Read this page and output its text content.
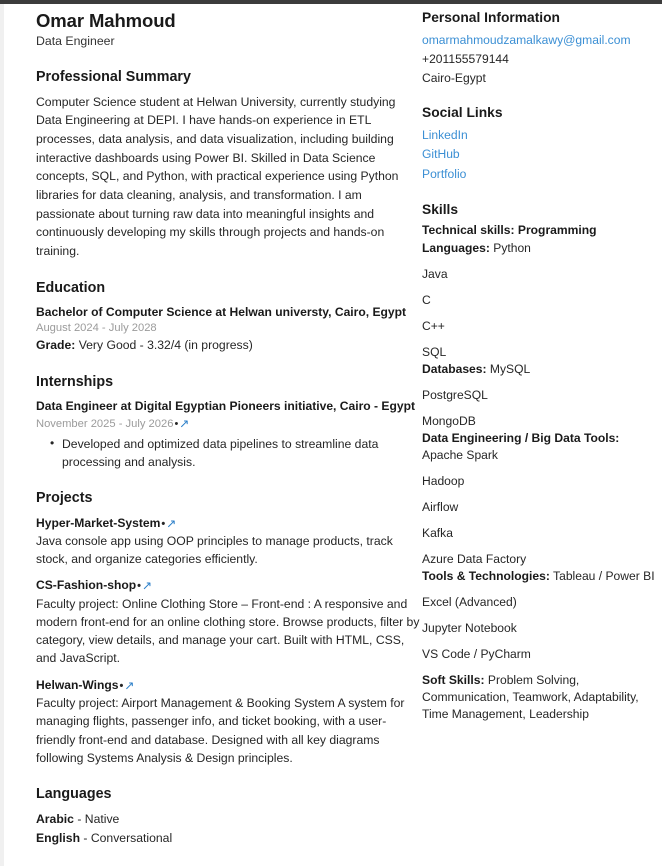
Omar Mahmoud
Data Engineer
Professional Summary

Computer Science student at Helwan University, currently studying Data Engineering at DEPI. I have hands-on experience in ETL processes, data analysis, and data visualization, including building interactive dashboards using Power BI. Skilled in Data Science concepts, SQL, and Python, with practical experience using Python libraries for data cleaning, analysis, and transformation. I am passionate about turning raw data into meaningful insights and continuously developing my skills through projects and hands-on training.

Education
Bachelor of Computer Science at Helwan universty, Cairo, Egypt
August 2024 - July 2028
Grade: Very Good - 3.32/4 (in progress)
Internships
Data Engineer at Digital Egyptian Pioneers initiative, Cairo - Egypt
November 2025 - July 2026•↗
• Developed and optimized data pipelines to streamline data processing and analysis.
Projects
Hyper-Market-System•↗
Java console app using OOP principles to manage products, track stock, and organize categories efficiently.
CS-Fashion-shop•↗
Faculty project: Online Clothing Store – Front-end : A responsive and modern front-end for an online clothing store. Browse products, filter by category, view details, and manage your cart. Built with HTML, CSS, and JavaScript.
Helwan-Wings•↗
Faculty project: Airport Management & Booking System A system for managing flights, passenger info, and ticket booking, with a user-friendly front-end and database. Designed with all key diagrams following Systems Analysis & Design principles.
Languages
Arabic - Native
English - Conversational
Personal Information
omarmahmoudzamalkawy@gmail.com
+201155579144
Cairo-Egypt
Social Links
LinkedIn
GitHub
Portfolio
Skills
Technical skills: Programming Languages: Python
Java
C
C++
SQL
Databases: MySQL
PostgreSQL
MongoDB
Data Engineering / Big Data Tools: Apache Spark
Hadoop
Airflow
Kafka
Azure Data Factory
Tools & Technologies: Tableau / Power BI
Excel (Advanced)
Jupyter Notebook
VS Code / PyCharm
Soft Skills: Problem Solving, Communication, Teamwork, Adaptability, Time Management, Leadership
